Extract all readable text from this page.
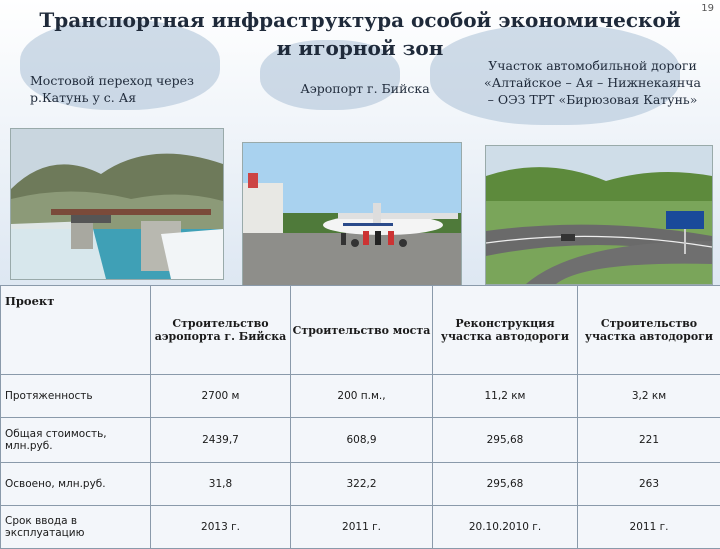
19
Транспортная инфраструктура особой экономической и игорной зон
Мостовой переход через р.Катунь у с. Ая
Аэропорт г. Бийска
Участок автомобильной дороги «Алтайское – Ая – Нижнекаянча – ОЭЗ ТРТ «Бирюзовая Катунь»
Проект	Строительство аэропорта г. Бийска	Строительство моста	Реконструкция участка автодороги	Строительство участка автодороги
Протяженность	2700 м	200 п.м.,	11,2 км	3,2 км
Общая стоимость, млн.руб.	2439,7	608,9	295,68	221
Освоено, млн.руб.	31,8	322,2	295,68	263
Срок ввода в эксплуатацию	2013 г.	2011 г.	20.10.2010 г.	2011 г.
